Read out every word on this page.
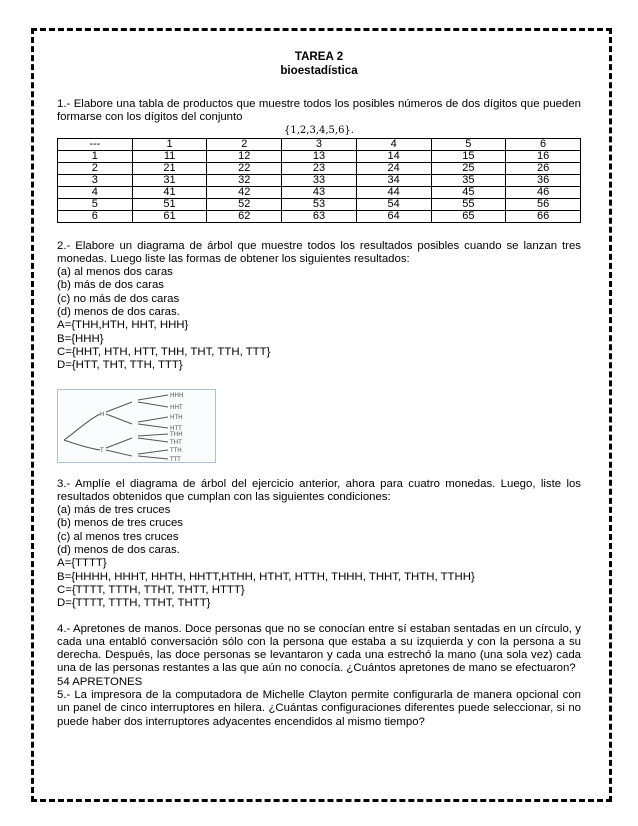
TAREA 2
bioestadística

1.- Elabore una tabla de productos que muestre todos los posibles números de dos dígitos que pueden formarse con los dígitos del conjunto

{1,2,3,4,5,6}.
---	1	2	3	4	5	6
1	11	12	13	14	15	16
2	21	22	23	24	25	26
3	31	32	33	34	35	36
4	41	42	43	44	45	46
5	51	52	53	54	55	56
6	61	62	63	64	65	66

2.- Elabore un diagrama de árbol que muestre todos los resultados posibles cuando se lanzan tres monedas. Luego liste las formas de obtener los siguientes resultados:

(a) al menos dos caras
(b) más de dos caras
(c) no más de dos caras
(d) menos de dos caras.
A={THH,HTH, HHT, HHH}
B={HHH}
C={HHT, HTH, HTT, THH, THT, TTH, TTT}
D={HTT, THT, TTH, TTT}
H
T
HHH
HHT
HTH
HTT
THH
THT
TTH
TTT

3.- Amplíe el diagrama de árbol del ejercicio anterior, ahora para cuatro monedas. Luego, liste los resultados obtenidos que cumplan con las siguientes condiciones:

(a) más de tres cruces
(b) menos de tres cruces
(c) al menos tres cruces
(d) menos de dos caras.
A={TTTT}
B={HHHH, HHHT, HHTH, HHTT,HTHH, HTHT, HTTH, THHH, THHT, THTH, TTHH}
C={TTTT, TTTH, TTHT, THTT, HTTT}
D={TTTT, TTTH, TTHT, THTT}

4.- Apretones de manos. Doce personas que no se conocían entre sí estaban sentadas en un círculo, y cada una entabló conversación sólo con la persona que estaba a su izquierda y con la persona a su derecha. Después, las doce personas se levantaron y cada una estrechó la mano (una sola vez) cada una de las personas restantes a las que aún no conocía. ¿Cuántos apretones de mano se efectuaron?

54 APRETONES

5.- La impresora de la computadora de Michelle Clayton permite configurarla de manera opcional con un panel de cinco interruptores en hilera. ¿Cuántas configuraciones diferentes puede seleccionar, si no puede haber dos interruptores adyacentes encendidos al mismo tiempo?
